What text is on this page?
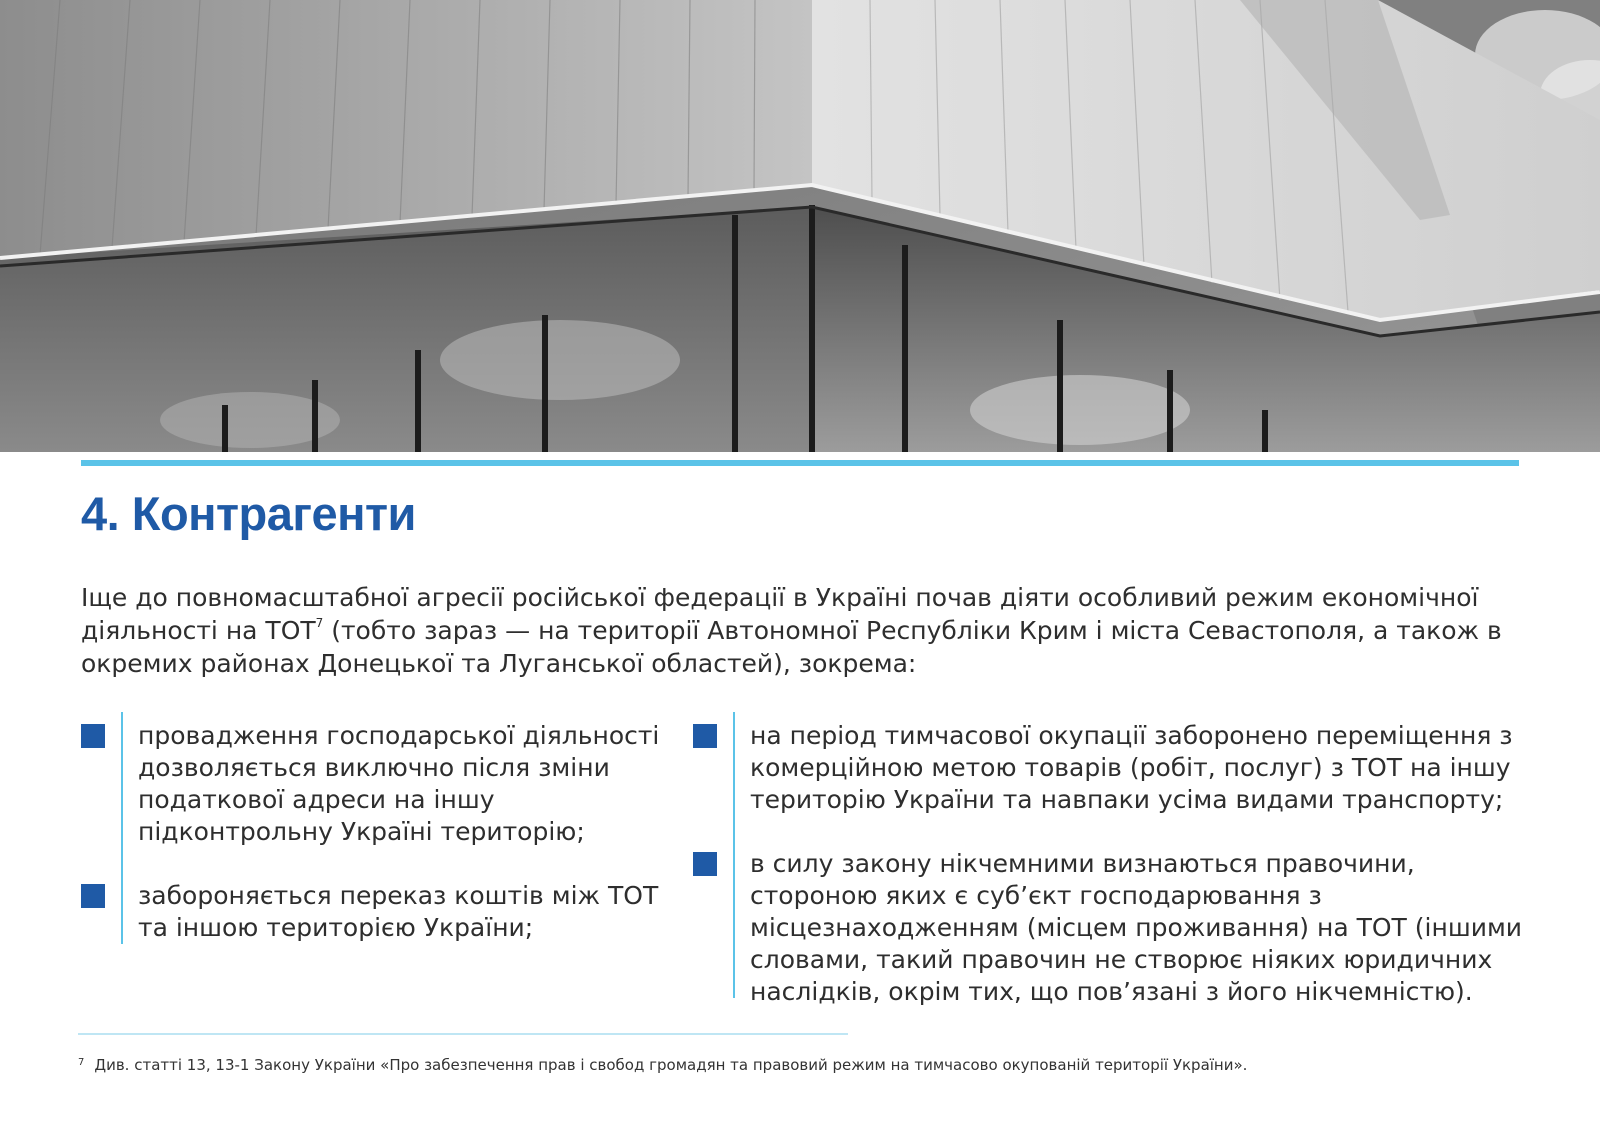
4. Контрагенти

Іще до повномасштабної агресії російської федерації в Україні почав діяти особливий режим економічної діяльності на ТОТ$^7$ (тобто зараз — на території Автономної Республіки Крим і міста Севастополя, а також в окремих районах Донецької та Луганської областей), зокрема:

провадження господарської діяльності дозволяється виключно після зміни податкової адреси на іншу підконтрольну Україні територію;

забороняється переказ коштів між ТОТ та іншою територією України;

на період тимчасової окупації заборонено переміщення з комерційною метою товарів (робіт, послуг) з ТОТ на іншу територію України та навпаки усіма видами транспорту;

в силу закону нікчемними визнаються правочини, стороною яких є суб’єкт господарювання з місцезнаходженням (місцем проживання) на ТОТ (іншими словами, такий правочин не створює ніяких юридичних наслідків, окрім тих, що пов’язані з його нікчемністю).

$^7$ Див. статті 13, 13-1 Закону України «Про забезпечення прав і свобод громадян та правовий режим на тимчасово окупованій території України».
